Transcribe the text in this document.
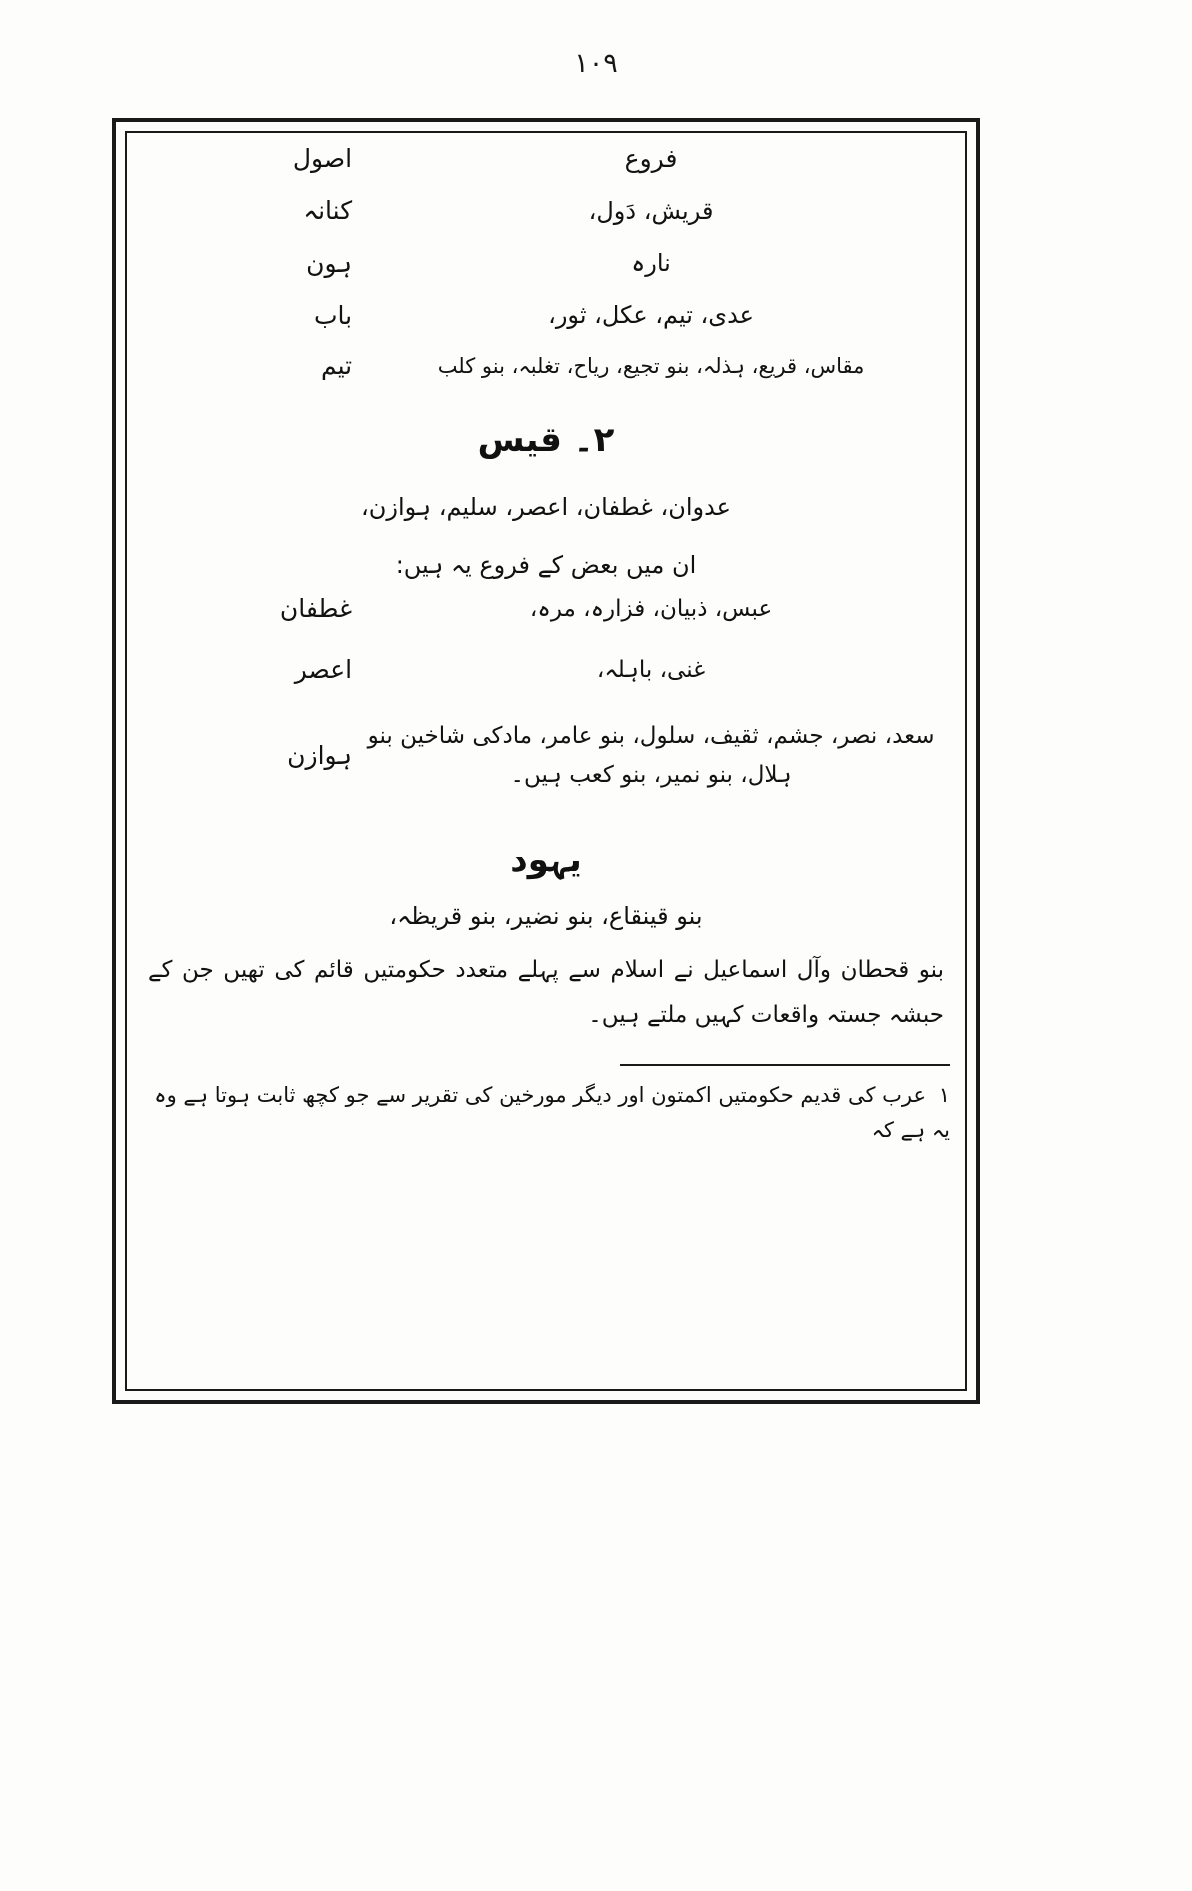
۱۰۹
فروع	اصول
قریش، دَول،	کنانہ
نارہ	ہون
عدی، تیم، عکل، ثور،	باب
مقاس، قریع، ہذلہ، بنو تجیع، ریاح، تغلبہ، بنو کلب	تیم
۲۔ قیس
عدوان، غطفان، اعصر، سلیم، ہوازن،
ان میں بعض کے فروع یہ ہیں:
عبس، ذبیان، فزارہ، مرہ،	غطفان
غنی، باہلہ،	اعصر
سعد، نصر، جشم، ثقیف، سلول، بنو عامر، مادکی شاخین بنو ہلال، بنو نمیر، بنو کعب ہیں۔	ہوازن
یہود
بنو قینقاع، بنو نضیر، بنو قریظہ،
بنو قحطان وآل اسماعیل نے اسلام سے پہلے متعدد حکومتیں قائم کی تھیں جن کے حبشہ جستہ واقعات کہیں ملتے ہیں۔
۱ عرب کی قدیم حکومتیں اکمتون اور دیگر مورخین کی تقریر سے جو کچھ ثابت ہوتا ہے وہ یہ ہے کہ
